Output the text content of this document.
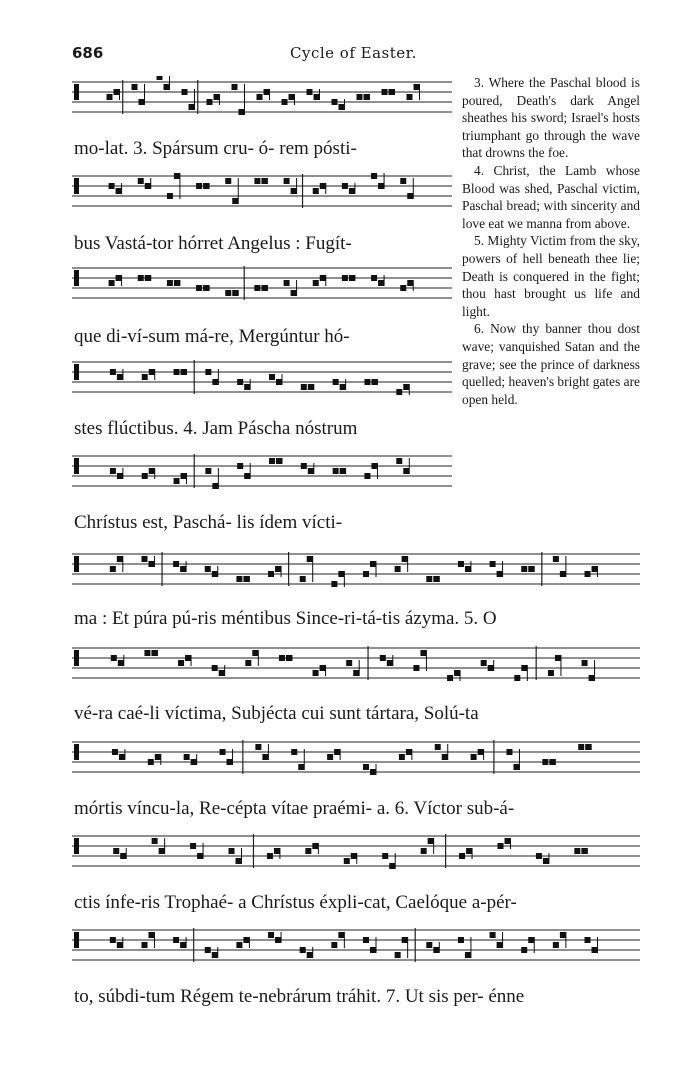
686	Cycle of Easter.
mo-lat. 3. Spársum cru- ó- rem pósti-
bus Vastá-tor hórret Angelus : Fugít-
que di-ví-sum má-re, Mergúntur hó-
stes flúctibus. 4. Jam Páscha nóstrum
Chrístus est, Paschá- lis ídem vícti-

3. Where the Paschal blood is poured, Death's dark Angel sheathes his sword; Israel's hosts triumphant go through the wave that drowns the foe.

4. Christ, the Lamb whose Blood was shed, Paschal victim, Paschal bread; with sincerity and love eat we manna from above.

5. Mighty Victim from the sky, powers of hell beneath thee lie; Death is conquered in the fight; thou hast brought us life and light.

6. Now thy banner thou dost wave; vanquished Satan and the grave; see the prince of darkness quelled; heaven's bright gates are open held.

ma : Et púra pú-ris méntibus Since-ri-tá-tis ázyma. 5. O
vé-ra caé-li víctima, Subjécta cui sunt tártara, Solú-ta
mórtis víncu-la, Re-cépta vítae praémi- a. 6. Víctor sub-á-
ctis ínfe-ris Trophaé- a Chrístus éxpli-cat, Caelóque a-pér-
to, súbdi-tum Régem te-nebrárum tráhit. 7. Ut sis per- énne
